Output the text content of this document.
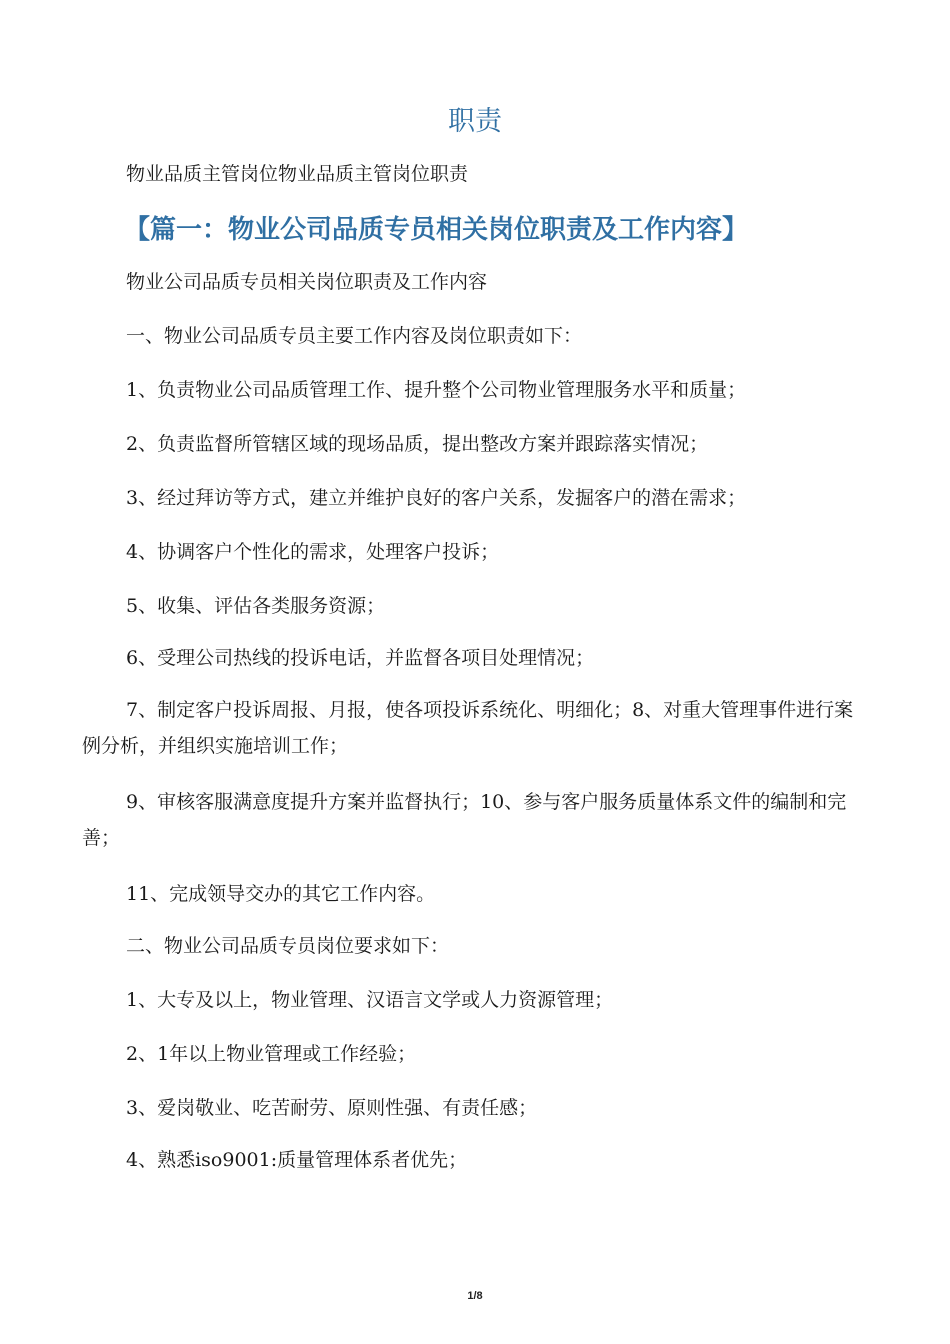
职责
物业品质主管岗位物业品质主管岗位职责
【篇一：物业公司品质专员相关岗位职责及工作内容】
物业公司品质专员相关岗位职责及工作内容
一、物业公司品质专员主要工作内容及岗位职责如下：
1、负责物业公司品质管理工作、提升整个公司物业管理服务水平和质量；
2、负责监督所管辖区域的现场品质，提出整改方案并跟踪落实情况；
3、经过拜访等方式，建立并维护良好的客户关系，发掘客户的潜在需求；
4、协调客户个性化的需求，处理客户投诉；
5、收集、评估各类服务资源；
6、受理公司热线的投诉电话，并监督各项目处理情况；
7、制定客户投诉周报、月报，使各项投诉系统化、明细化；8、对重大管理事件进行案例分析，并组织实施培训工作；
9、审核客服满意度提升方案并监督执行；10、参与客户服务质量体系文件的编制和完善；
11、完成领导交办的其它工作内容。
二、物业公司品质专员岗位要求如下：
1、大专及以上，物业管理、汉语言文学或人力资源管理；
2、1年以上物业管理或工作经验；
3、爱岗敬业、吃苦耐劳、原则性强、有责任感；
4、熟悉iso9001:质量管理体系者优先；
1/8
